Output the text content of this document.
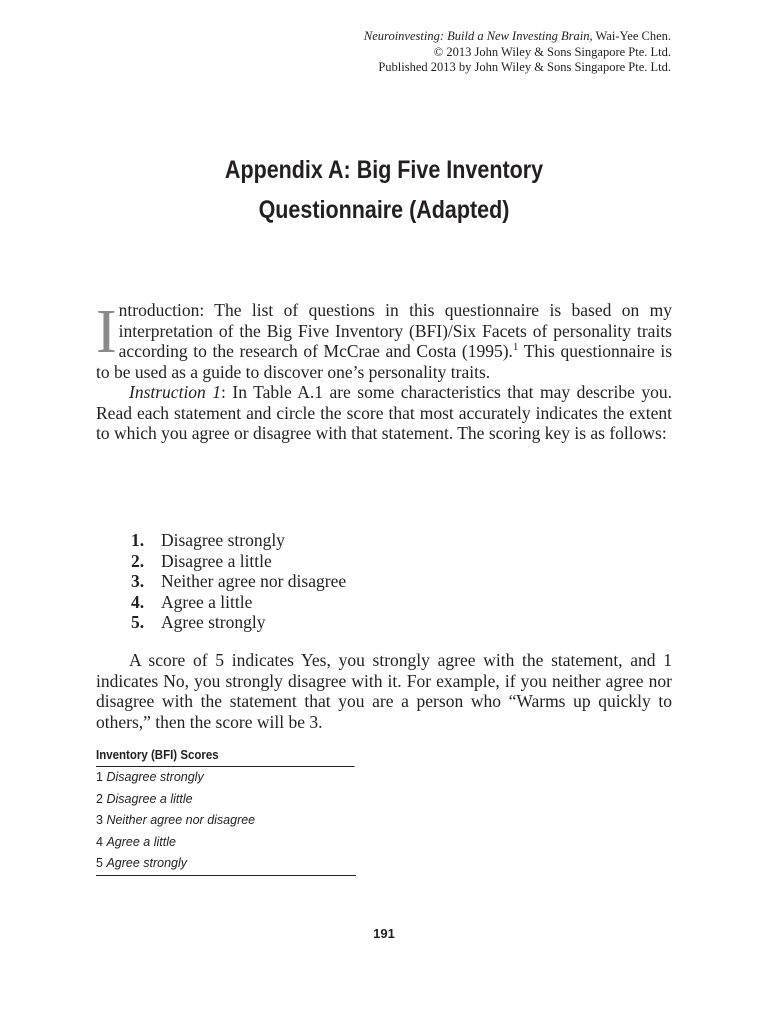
Neuroinvesting: Build a New Investing Brain, Wai-Yee Chen.
© 2013 John Wiley & Sons Singapore Pte. Ltd.
Published 2013 by John Wiley & Sons Singapore Pte. Ltd.
Appendix A: Big Five Inventory
Questionnaire (Adapted)

Introduction: The list of questions in this questionnaire is based on my interpretation of the Big Five Inventory (BFI)/Six Facets of personality traits according to the research of McCrae and Costa (1995).$^1$ This questionnaire is to be used as a guide to discover one’s personality traits.

Instruction 1: In Table A.1 are some characteristics that may describe you. Read each statement and circle the score that most accurately indicates the extent to which you agree or disagree with that statement. The scoring key is as follows:

1. Disagree strongly
2. Disagree a little
3. Neither agree nor disagree
4. Agree a little
5. Agree strongly

A score of 5 indicates Yes, you strongly agree with the statement, and 1 indicates No, you strongly disagree with it. For example, if you neither agree nor disagree with the statement that you are a person who “Warms up quickly to others,” then the score will be 3.

Inventory (BFI) Scores
1 Disagree strongly
2 Disagree a little
3 Neither agree nor disagree
4 Agree a little
5 Agree strongly
191
